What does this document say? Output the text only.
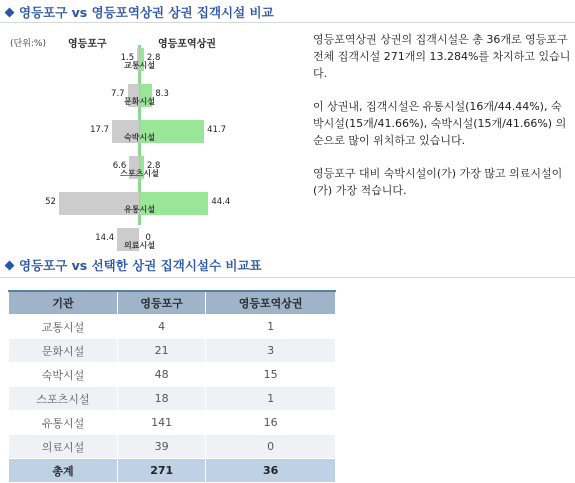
영등포구 vs 영등포역상권 상권 집객시설 비교
(단위:%) 영등포구	영등포역상권
1.5 2.8
교통시설
7.7	8.3
문화시설
17.7	41.7
숙박시설
6.6 2.8
스포츠시설
52	44.4
유통시설
14.4	0
의료시설

영등포역상권 상권의 집객시설은 총 36개로 영등포구 전체 집객시설 271개의 13.284%를 차지하고 있습니다.

이 상권내, 집객시설은 유통시설(16개/44.44%), 숙박시설(15개/41.66%), 숙박시설(15개/41.66%) 의 순으로 많이 위치하고 있습니다.

영등포구 대비 숙박시설이(가) 가장 많고 의료시설이(가) 가장 적습니다.

영등포구 vs 선택한 상권 집객시설수 비교표
기관	영등포구	영등포역상권
교통시설	4	1
문화시설	21	3
숙박시설	48	15
스포츠시설	18	1
유통시설	141	16
의료시설	39	0
총계	271	36
